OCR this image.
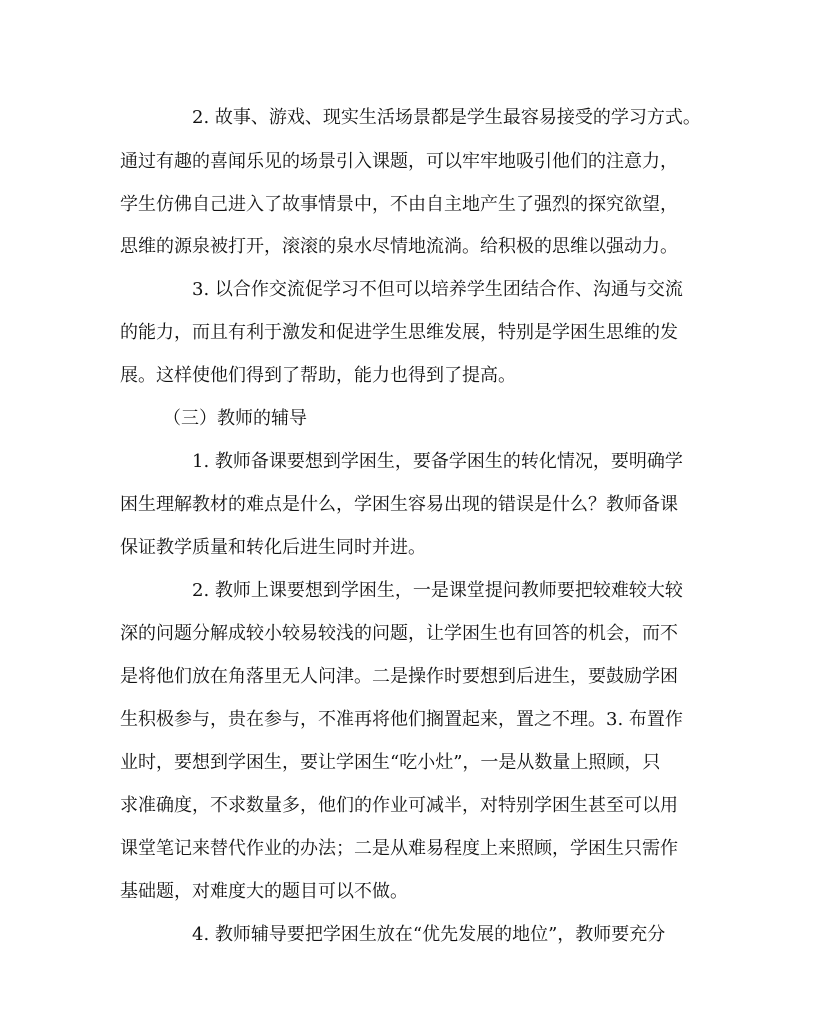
2. 故事、游戏、现实生活场景都是学生最容易接受的学习方式。
通过有趣的喜闻乐见的场景引入课题，可以牢牢地吸引他们的注意力，
学生仿佛自己进入了故事情景中，不由自主地产生了强烈的探究欲望，
思维的源泉被打开，滚滚的泉水尽情地流淌。给积极的思维以强动力。
3. 以合作交流促学习不但可以培养学生团结合作、沟通与交流
的能力，而且有利于激发和促进学生思维发展，特别是学困生思维的发
展。这样使他们得到了帮助，能力也得到了提高。
（三）教师的辅导
1. 教师备课要想到学困生，要备学困生的转化情况，要明确学
困生理解教材的难点是什么，学困生容易出现的错误是什么？教师备课
保证教学质量和转化后进生同时并进。
2. 教师上课要想到学困生，一是课堂提问教师要把较难较大较
深的问题分解成较小较易较浅的问题，让学困生也有回答的机会，而不
是将他们放在角落里无人问津。二是操作时要想到后进生，要鼓励学困
生积极参与，贵在参与，不准再将他们搁置起来，置之不理。3. 布置作
业时，要想到学困生，要让学困生“吃小灶”，一是从数量上照顾，只
求准确度，不求数量多，他们的作业可减半，对特别学困生甚至可以用
课堂笔记来替代作业的办法；二是从难易程度上来照顾，学困生只需作
基础题，对难度大的题目可以不做。
4. 教师辅导要把学困生放在“优先发展的地位”，教师要充分
